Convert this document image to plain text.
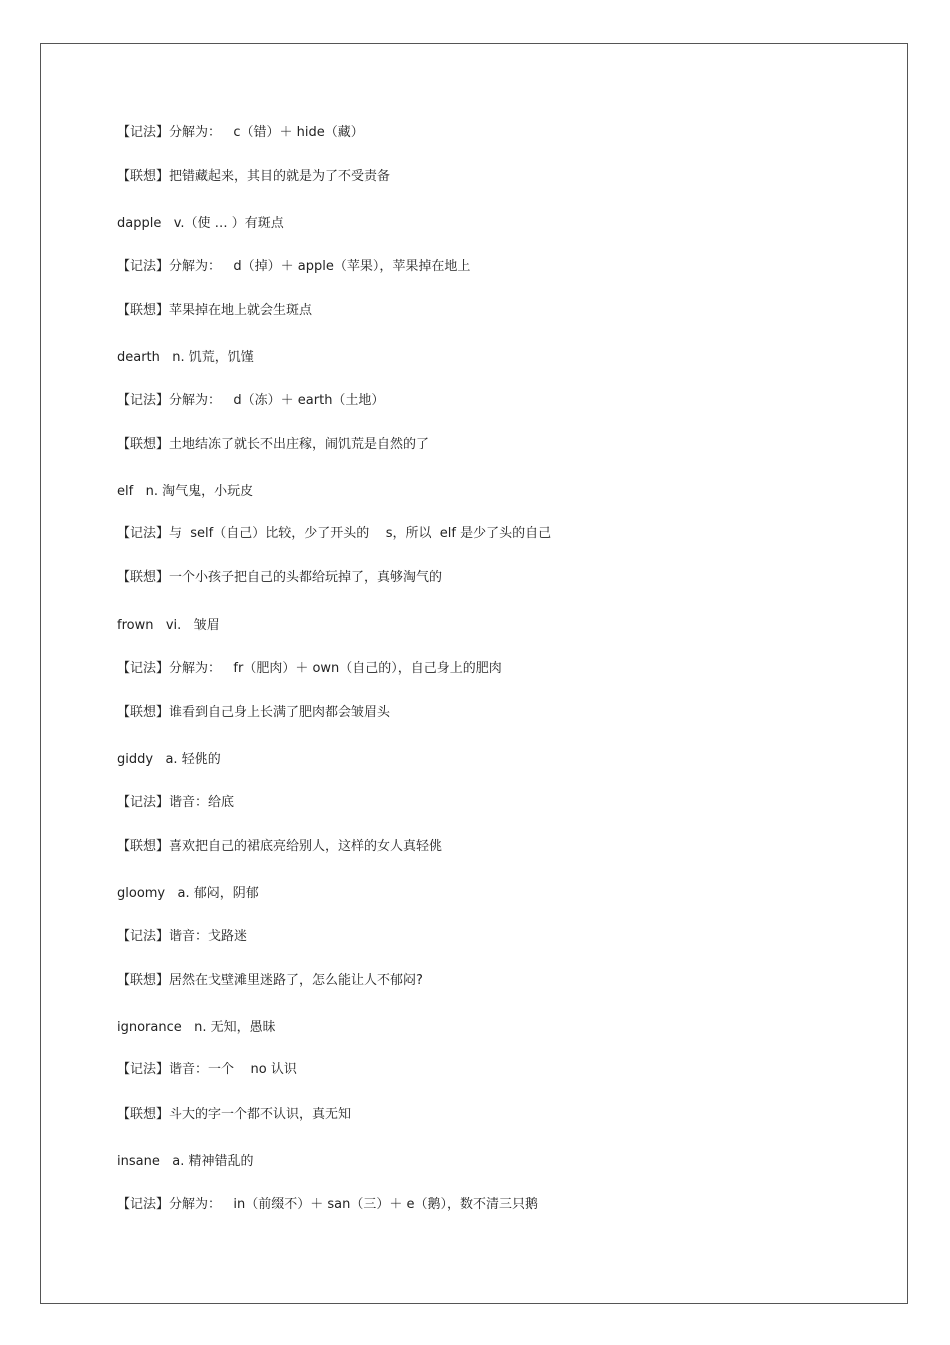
【记法】分解为：   c（错）＋ hide（藏）
【联想】把错藏起来，其目的就是为了不受责备
dapple   v.（使 … ）有斑点
【记法】分解为：   d（掉）＋ apple（苹果），苹果掉在地上
【联想】苹果掉在地上就会生斑点
dearth   n. 饥荒，饥馑
【记法】分解为：   d（冻）＋ earth（土地）
【联想】土地结冻了就长不出庄稼，闹饥荒是自然的了
elf   n. 淘气鬼，小玩皮
【记法】与  self（自己）比较，少了开头的    s，所以  elf 是少了头的自己
【联想】一个小孩子把自己的头都给玩掉了，真够淘气的
frown   vi.   皱眉
【记法】分解为：   fr（肥肉）＋ own（自己的），自己身上的肥肉
【联想】谁看到自己身上长满了肥肉都会皱眉头
giddy   a. 轻佻的
【记法】谐音：给底
【联想】喜欢把自己的裙底亮给别人，这样的女人真轻佻
gloomy   a. 郁闷，阴郁
【记法】谐音：戈路迷
【联想】居然在戈壁滩里迷路了，怎么能让人不郁闷?
ignorance   n. 无知，愚昧
【记法】谐音：一个    no 认识
【联想】斗大的字一个都不认识，真无知
insane   a. 精神错乱的
【记法】分解为：   in（前缀不）＋ san（三）＋ e（鹅），数不清三只鹅
